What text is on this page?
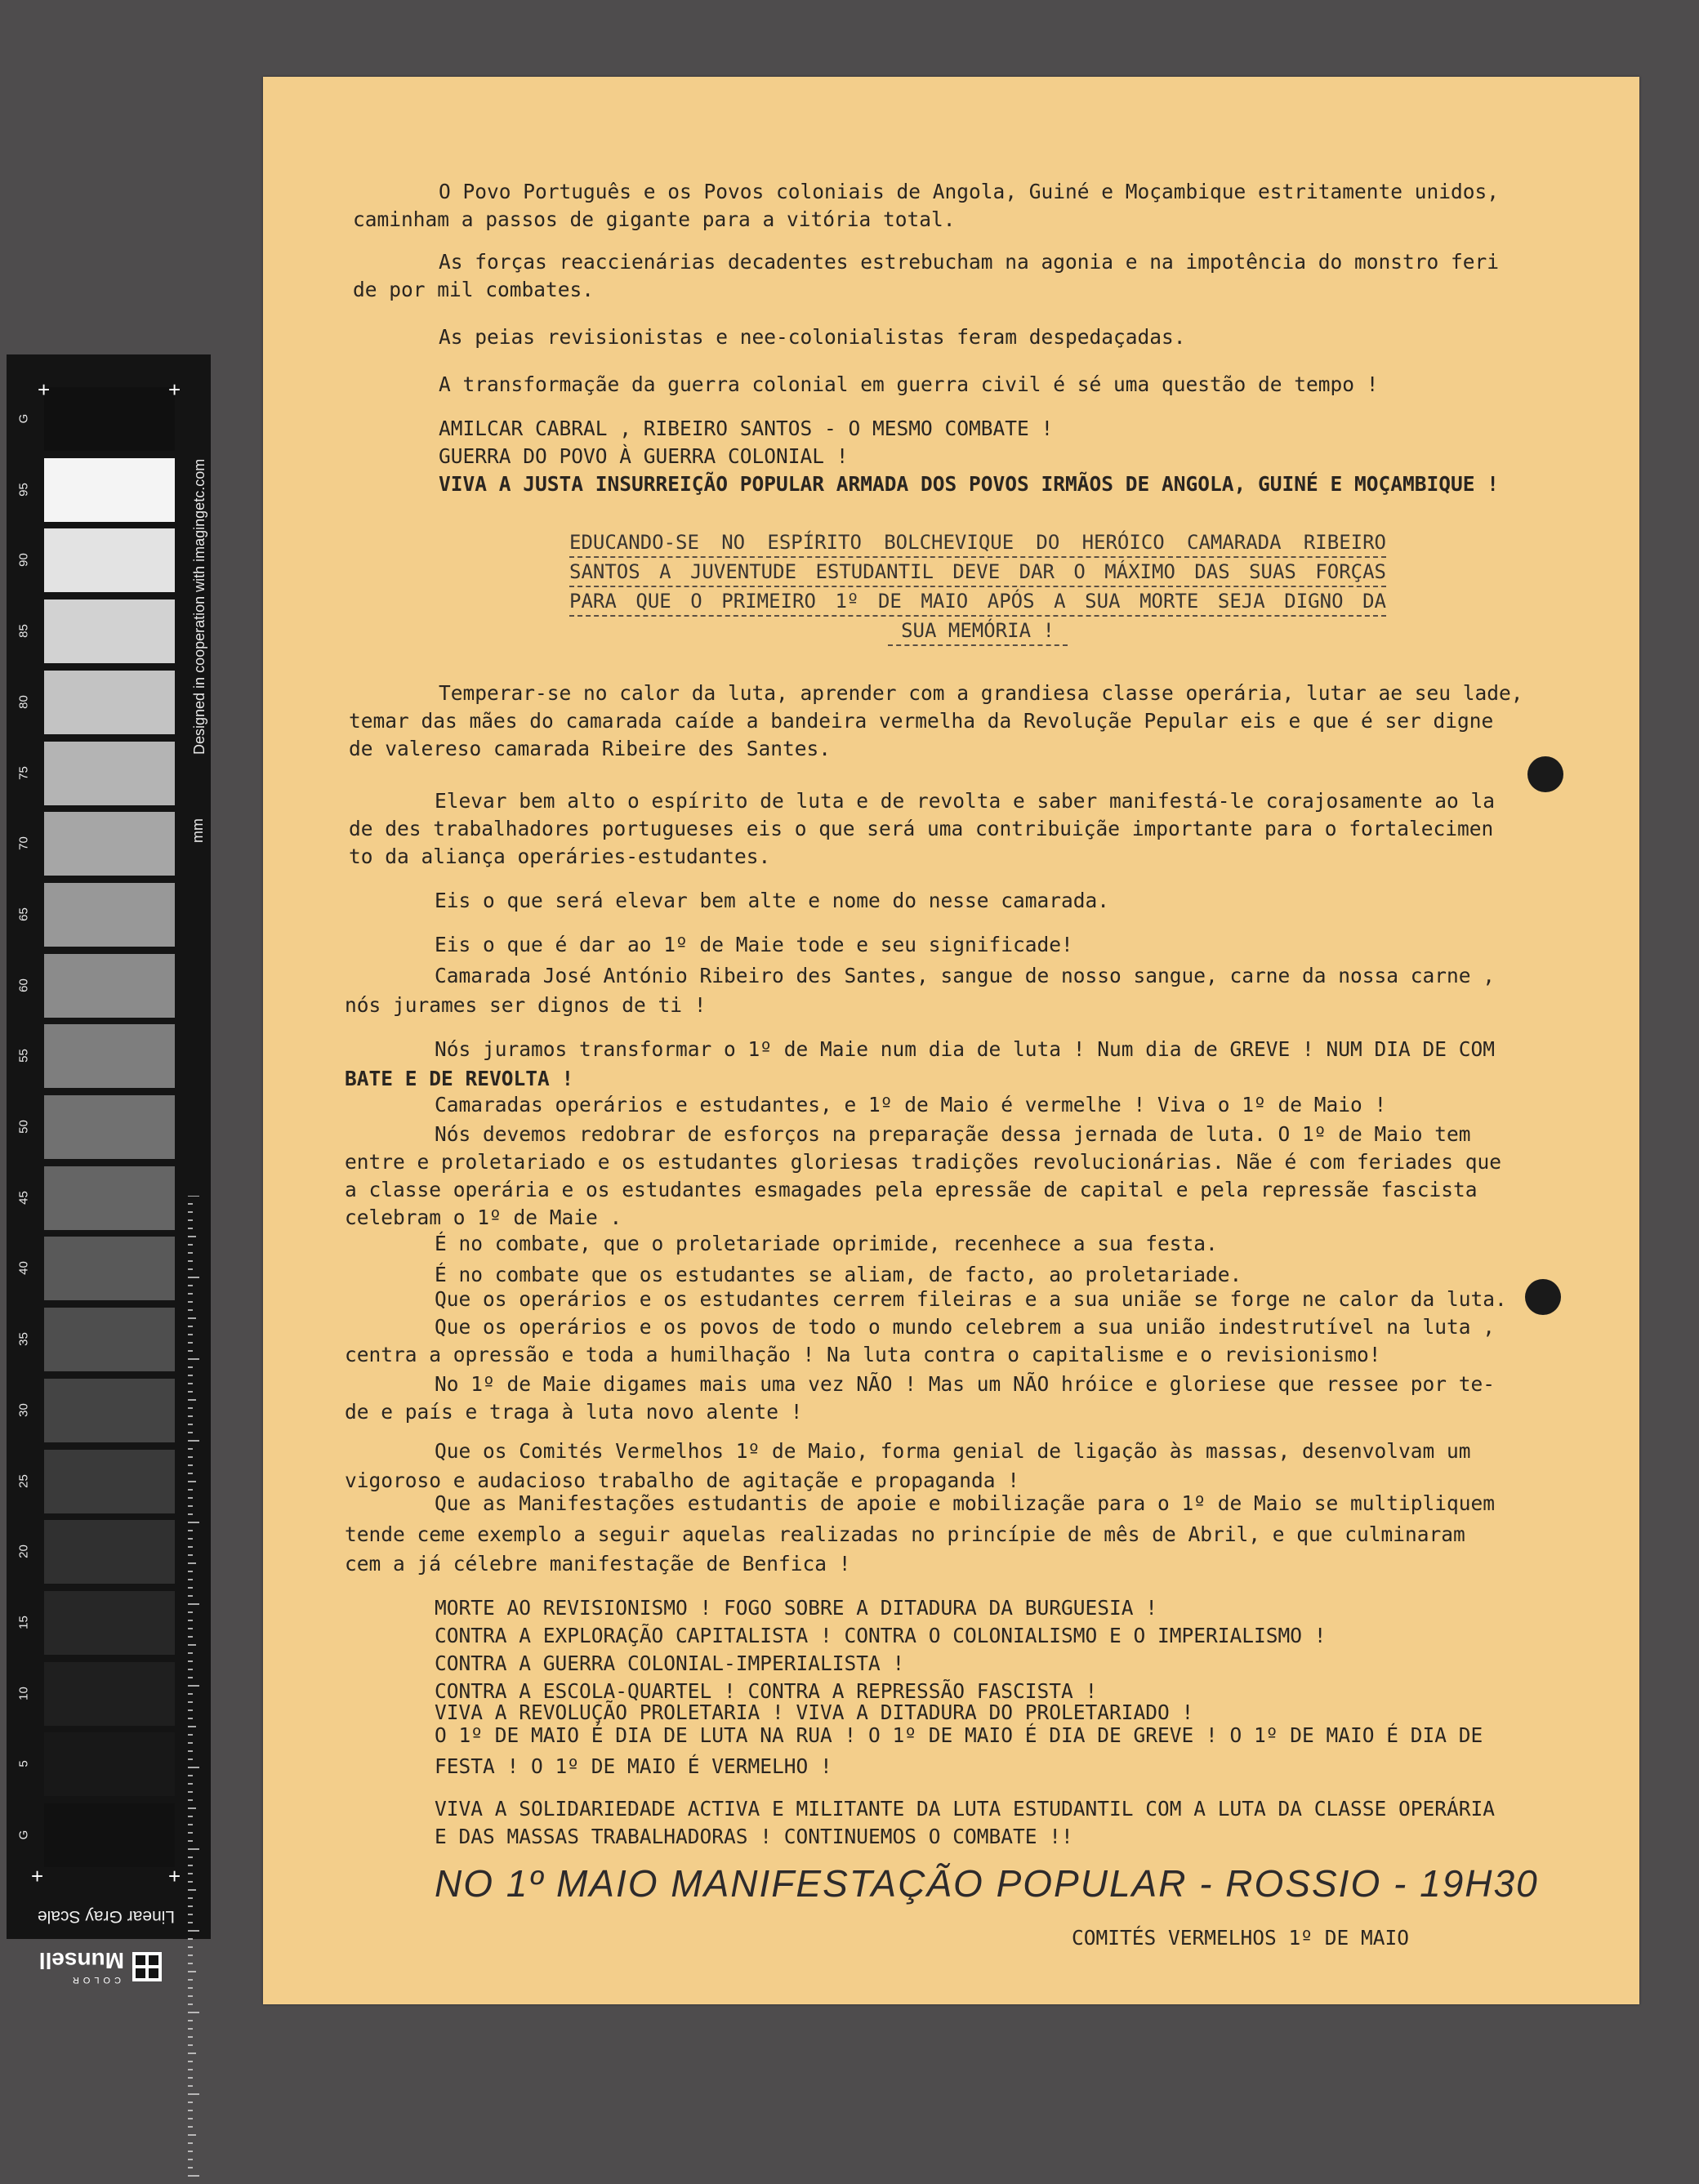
G
95
90
85
80
75
70
65
60
55
50
45
40
35
30
25
20
15
10
5
G
Designed in cooperation with imagingetc.com
mm
+	+
+	+
Linear Gray Scale
COLOR
Munsell
O Povo Português e os Povos coloniais de Angola, Guiné e Moçambique estritamente unidos,
caminham a passos de gigante para a vitória total.
As forças reaccienárias decadentes estrebucham na agonia e na impotência do monstro feri
de por mil combates.
As peias revisionistas e nee-colonialistas feram despedaçadas.
A transformaçãe da guerra colonial em guerra civil é sé uma questão de tempo !
AMILCAR CABRAL , RIBEIRO SANTOS - O MESMO COMBATE !
GUERRA DO POVO À GUERRA COLONIAL !
VIVA A JUSTA INSURREIÇÃO POPULAR ARMADA DOS POVOS IRMÃOS DE ANGOLA, GUINÉ E MOÇAMBIQUE !
EDUCANDO-SE NO ESPÍRITO BOLCHEVIQUE DO HERÓICO CAMARADA RIBEIRO
SANTOS A JUVENTUDE ESTUDANTIL DEVE DAR O MÁXIMO DAS SUAS FORÇAS
PARA QUE O PRIMEIRO 1º DE MAIO APÓS A SUA MORTE SEJA DIGNO DA
SUA MEMÓRIA !
Temperar-se no calor da luta, aprender com a grandiesa classe operária, lutar ae seu lade,
temar das mães do camarada caíde a bandeira vermelha da Revoluçãe Pepular eis e que é ser digne
de valereso camarada Ribeire des Santes.
Elevar bem alto o espírito de luta e de revolta e saber manifestá-le corajosamente ao la
de des trabalhadores portugueses eis o que será uma contribuiçãe importante para o fortalecimen
to da aliança operáries-estudantes.
Eis o que será elevar bem alte e nome do nesse camarada.
Eis o que é dar ao 1º de Maie tode e seu significade!
Camarada José António Ribeiro des Santes, sangue de nosso sangue, carne da nossa carne ,
nós jurames ser dignos de ti !
Nós juramos transformar o 1º de Maie num dia de luta ! Num dia de GREVE ! NUM DIA DE COM
BATE E DE REVOLTA !
Camaradas operários e estudantes, e 1º de Maio é vermelhe ! Viva o 1º de Maio !
Nós devemos redobrar de esforços na preparaçãe dessa jernada de luta. O 1º de Maio tem
entre e proletariado e os estudantes gloriesas tradições revolucionárias. Nãe é com feriades que
a classe operária e os estudantes esmagades pela epressãe de capital e pela repressãe fascista
celebram o 1º de Maie .
É no combate, que o proletariade oprimide, recenhece a sua festa.
É no combate que os estudantes se aliam, de facto, ao proletariade.
Que os operários e os estudantes cerrem fileiras e a sua uniãe se forge ne calor da luta.
Que os operários e os povos de todo o mundo celebrem a sua união indestrutível na luta ,
centra a opressão e toda a humilhação ! Na luta contra o capitalisme e o revisionismo!
No 1º de Maie digames mais uma vez NÃO ! Mas um NÃO hróice e gloriese que ressee por te-
de e país e traga à luta novo alente !
Que os Comités Vermelhos 1º de Maio, forma genial de ligação às massas, desenvolvam um
vigoroso e audacioso trabalho de agitaçãe e propaganda !
Que as Manifestações estudantis de apoie e mobilizaçãe para o 1º de Maio se multipliquem
tende ceme exemplo a seguir aquelas realizadas no princípie de mês de Abril, e que culminaram
cem a já célebre manifestaçãe de Benfica !
MORTE AO REVISIONISMO ! FOGO SOBRE A DITADURA DA BURGUESIA !
CONTRA A EXPLORAÇÃO CAPITALISTA ! CONTRA O COLONIALISMO E O IMPERIALISMO !
CONTRA A GUERRA COLONIAL-IMPERIALISTA !
CONTRA A ESCOLA-QUARTEL ! CONTRA A REPRESSÃO FASCISTA !
VIVA A REVOLUÇÃO PROLETARIA ! VIVA A DITADURA DO PROLETARIADO !
O 1º DE MAIO É DIA DE LUTA NA RUA ! O 1º DE MAIO É DIA DE GREVE ! O 1º DE MAIO É DIA DE
FESTA ! O 1º DE MAIO É VERMELHO !
VIVA A SOLIDARIEDADE ACTIVA E MILITANTE DA LUTA ESTUDANTIL COM A LUTA DA CLASSE OPERÁRIA
E DAS MASSAS TRABALHADORAS ! CONTINUEMOS O COMBATE !!
NO 1º MAIO MANIFESTAÇÃO POPULAR - ROSSIO - 19H30
COMITÉS VERMELHOS 1º DE MAIO
